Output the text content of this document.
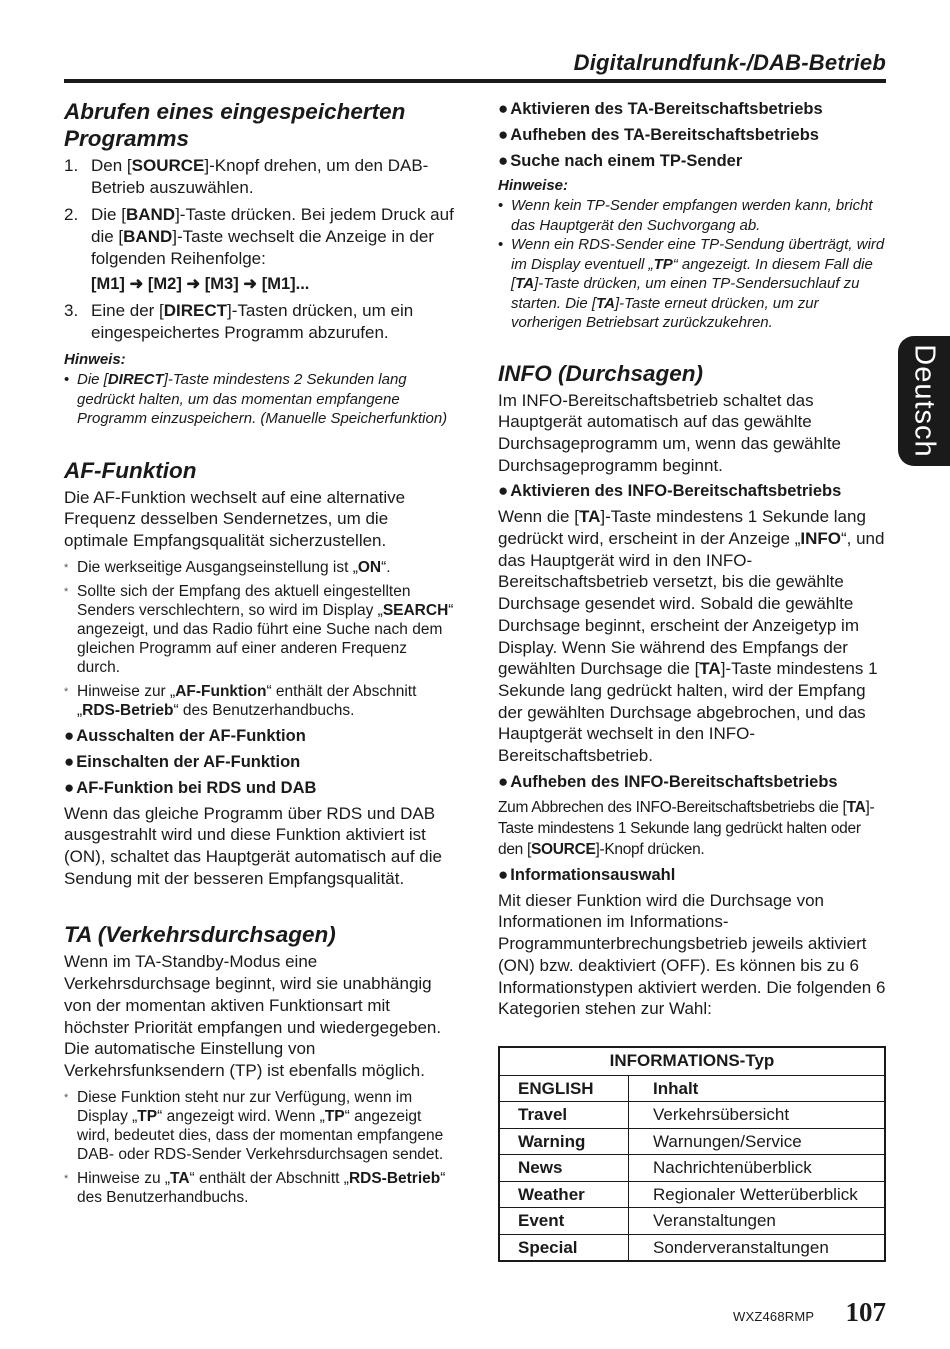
Digitalrundfunk-/DAB-Betrieb
Deutsch
Abrufen eines eingespeicherten
Programms
1. Den [SOURCE]-Knopf drehen, um den DAB-Betrieb auszuwählen.
2. Die [BAND]-Taste drücken. Bei jedem Druck auf die [BAND]-Taste wechselt die Anzeige in der folgenden Reihenfolge:
[M1] ➜ [M2] ➜ [M3] ➜ [M1]...
3. Eine der [DIRECT]-Tasten drücken, um ein eingespeichertes Programm abzurufen.
Hinweis:
• Die [DIRECT]-Taste mindestens 2 Sekunden lang gedrückt halten, um das momentan empfangene Programm einzuspeichern. (Manuelle Speicherfunktion)
AF-Funktion

Die AF-Funktion wechselt auf eine alternative Frequenz desselben Sendernetzes, um die optimale Empfangsqualität sicherzustellen.

* Die werkseitige Ausgangseinstellung ist „ON“.
* Sollte sich der Empfang des aktuell eingestellten Senders verschlechtern, so wird im Display „SEARCH“ angezeigt, und das Radio führt eine Suche nach dem gleichen Programm auf einer anderen Frequenz durch.
* Hinweise zur „AF-Funktion“ enthält der Abschnitt „RDS-Betrieb“ des Benutzerhandbuchs.
● Ausschalten der AF-Funktion
● Einschalten der AF-Funktion
● AF-Funktion bei RDS und DAB

Wenn das gleiche Programm über RDS und DAB ausgestrahlt wird und diese Funktion aktiviert ist (ON), schaltet das Hauptgerät automatisch auf die Sendung mit der besseren Empfangsqualität.

TA (Verkehrsdurchsagen)

Wenn im TA-Standby-Modus eine Verkehrsdurchsage beginnt, wird sie unabhängig von der momentan aktiven Funktionsart mit höchster Priorität empfangen und wiedergegeben. Die automatische Einstellung von Verkehrsfunksendern (TP) ist ebenfalls möglich.

* Diese Funktion steht nur zur Verfügung, wenn im Display „TP“ angezeigt wird. Wenn „TP“ angezeigt wird, bedeutet dies, dass der momentan empfangene DAB- oder RDS-Sender Verkehrsdurchsagen sendet.
* Hinweise zu „TA“ enthält der Abschnitt „RDS-Betrieb“ des Benutzerhandbuchs.
● Aktivieren des TA-Bereitschaftsbetriebs
● Aufheben des TA-Bereitschaftsbetriebs
● Suche nach einem TP-Sender
Hinweise:
• Wenn kein TP-Sender empfangen werden kann, bricht das Hauptgerät den Suchvorgang ab.
• Wenn ein RDS-Sender eine TP-Sendung überträgt, wird im Display eventuell „TP“ angezeigt. In diesem Fall die [TA]-Taste drücken, um einen TP-Sendersuchlauf zu starten. Die [TA]-Taste erneut drücken, um zur vorherigen Betriebsart zurückzukehren.
INFO (Durchsagen)

Im INFO-Bereitschaftsbetrieb schaltet das Hauptgerät automatisch auf das gewählte Durchsageprogramm um, wenn das gewählte Durchsageprogramm beginnt.

● Aktivieren des INFO-Bereitschaftsbetriebs

Wenn die [TA]-Taste mindestens 1 Sekunde lang gedrückt wird, erscheint in der Anzeige „INFO“, und das Hauptgerät wird in den INFO-Bereitschaftsbetrieb versetzt, bis die gewählte Durchsage gesendet wird. Sobald die gewählte Durchsage beginnt, erscheint der Anzeigetyp im Display. Wenn Sie während des Empfangs der gewählten Durchsage die [TA]-Taste mindestens 1 Sekunde lang gedrückt halten, wird der Empfang der gewählten Durchsage abgebrochen, und das Hauptgerät wechselt in den INFO-Bereitschaftsbetrieb.

● Aufheben des INFO-Bereitschaftsbetriebs

Zum Abbrechen des INFO-Bereitschaftsbetriebs die [TA]-Taste mindestens 1 Sekunde lang gedrückt halten oder den [SOURCE]-Knopf drücken.

● Informationsauswahl

Mit dieser Funktion wird die Durchsage von Informationen im Informations-Programmunterbrechungsbetrieb jeweils aktiviert (ON) bzw. deaktiviert (OFF). Es können bis zu 6 Informationstypen aktiviert werden. Die folgenden 6 Kategorien stehen zur Wahl:

INFORMATIONS-Typ	
ENGLISH	Inhalt
Travel	Verkehrsübersicht
Warning	Warnungen/Service
News	Nachrichtenüberblick
Weather	Regionaler Wetterüberblick
Event	Veranstaltungen
Special	Sonderveranstaltungen
WXZ468RMP 107
